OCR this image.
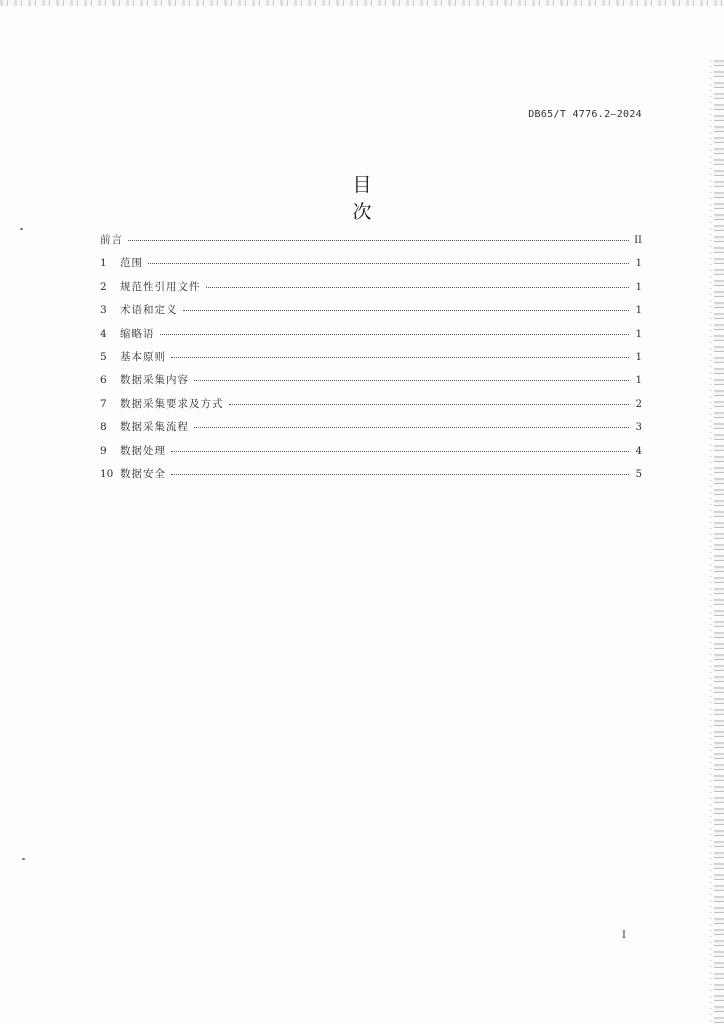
DB65/T 4776.2—2024
目　次
前言	II
1	范围	1
2	规范性引用文件	1
3	术语和定义	1
4	缩略语	1
5	基本原则	1
6	数据采集内容	1
7	数据采集要求及方式	2
8	数据采集流程	3
9	数据处理	4
10 数据安全	5
I
